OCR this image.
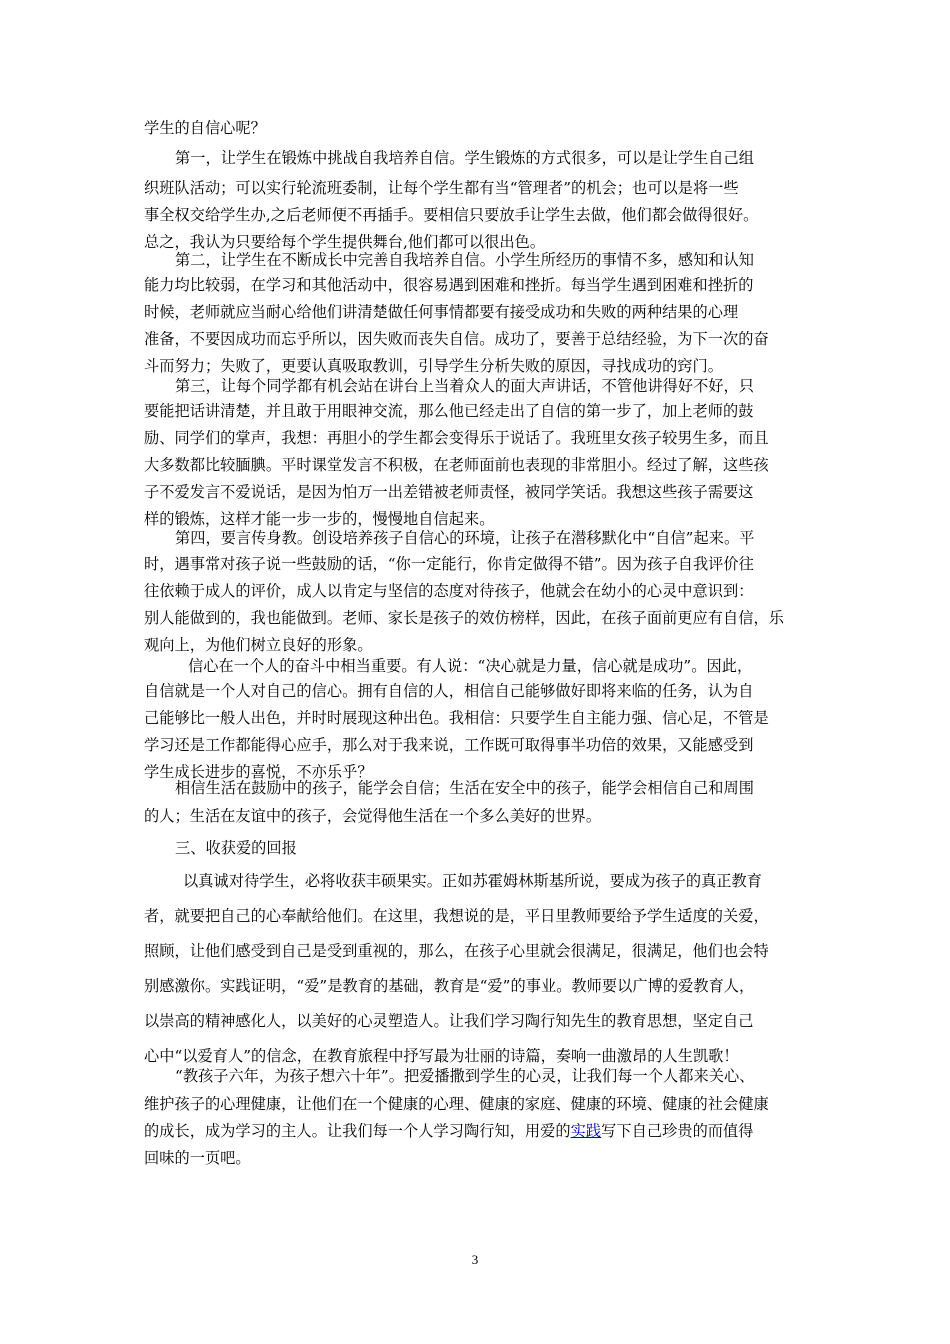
学生的自信心呢？
第一，让学生在锻炼中挑战自我培养自信。学生锻炼的方式很多，可以是让学生自己组
织班队活动；可以实行轮流班委制，让每个学生都有当“管理者”的机会；也可以是将一些
事全权交给学生办,之后老师便不再插手。要相信只要放手让学生去做，他们都会做得很好。
总之，我认为只要给每个学生提供舞台,他们都可以很出色。
第二，让学生在不断成长中完善自我培养自信。小学生所经历的事情不多，感知和认知
能力均比较弱，在学习和其他活动中，很容易遇到困难和挫折。每当学生遇到困难和挫折的
时候，老师就应当耐心给他们讲清楚做任何事情都要有接受成功和失败的两种结果的心理
准备，不要因成功而忘乎所以，因失败而丧失自信。成功了，要善于总结经验，为下一次的奋
斗而努力；失败了，更要认真吸取教训，引导学生分析失败的原因，寻找成功的窍门。
第三，让每个同学都有机会站在讲台上当着众人的面大声讲话，不管他讲得好不好，只
要能把话讲清楚，并且敢于用眼神交流，那么他已经走出了自信的第一步了，加上老师的鼓
励、同学们的掌声，我想：再胆小的学生都会变得乐于说话了。我班里女孩子较男生多，而且
大多数都比较腼腆。平时课堂发言不积极，在老师面前也表现的非常胆小。经过了解，这些孩
子不爱发言不爱说话，是因为怕万一出差错被老师责怪，被同学笑话。我想这些孩子需要这
样的锻炼，这样才能一步一步的，慢慢地自信起来。
第四，要言传身教。创设培养孩子自信心的环境，让孩子在潜移默化中“自信”起来。平
时，遇事常对孩子说一些鼓励的话，“你一定能行，你肯定做得不错”。因为孩子自我评价往
往依赖于成人的评价，成人以肯定与坚信的态度对待孩子，他就会在幼小的心灵中意识到：
别人能做到的，我也能做到。老师、家长是孩子的效仿榜样，因此，在孩子面前更应有自信，乐
观向上，为他们树立良好的形象。
信心在一个人的奋斗中相当重要。有人说：“决心就是力量，信心就是成功”。因此，
自信就是一个人对自己的信心。拥有自信的人，相信自己能够做好即将来临的任务，认为自
己能够比一般人出色，并时时展现这种出色。我相信：只要学生自主能力强、信心足，不管是
学习还是工作都能得心应手，那么对于我来说，工作既可取得事半功倍的效果，又能感受到
学生成长进步的喜悦，不亦乐乎？
相信生活在鼓励中的孩子，能学会自信；生活在安全中的孩子，能学会相信自己和周围
的人；生活在友谊中的孩子，会觉得他生活在一个多么美好的世界。
三、收获爱的回报
以真诚对待学生，必将收获丰硕果实。正如苏霍姆林斯基所说，要成为孩子的真正教育
者，就要把自己的心奉献给他们。在这里，我想说的是，平日里教师要给予学生适度的关爱，
照顾，让他们感受到自己是受到重视的，那么，在孩子心里就会很满足，很满足，他们也会特
别感激你。实践证明，“爱”是教育的基础，教育是“爱”的事业。教师要以广博的爱教育人，
以崇高的精神感化人，以美好的心灵塑造人。让我们学习陶行知先生的教育思想，坚定自己
心中“以爱育人”的信念，在教育旅程中抒写最为壮丽的诗篇，奏响一曲激昂的人生凯歌！
“教孩子六年，为孩子想六十年”。把爱播撒到学生的心灵，让我们每一个人都来关心、
维护孩子的心理健康，让他们在一个健康的心理、健康的家庭、健康的环境、健康的社会健康
的成长，成为学习的主人。让我们每一个人学习陶行知，用爱的实践写下自己珍贵的而值得
回味的一页吧。
3
